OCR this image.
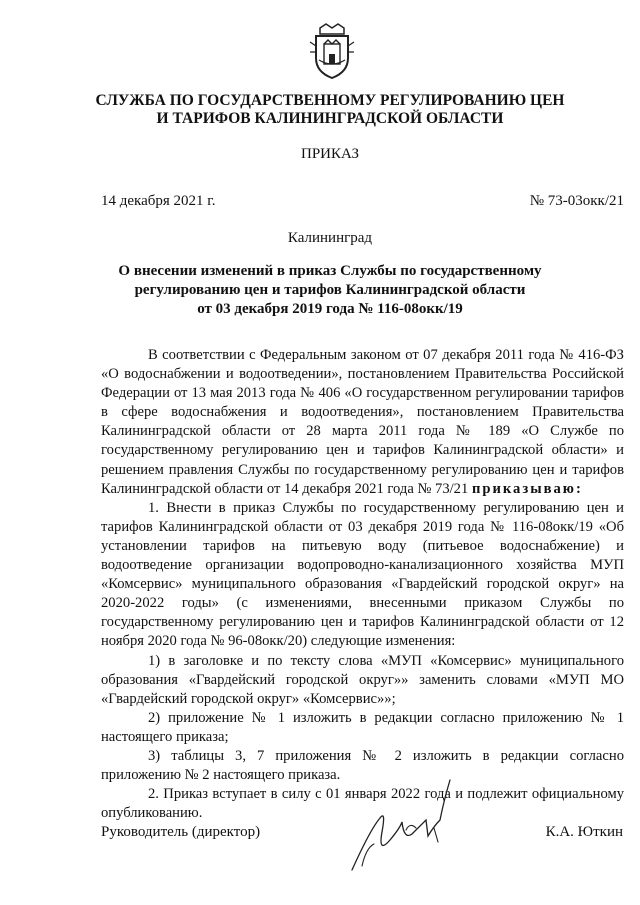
СЛУЖБА ПО ГОСУДАРСТВЕННОМУ РЕГУЛИРОВАНИЮ ЦЕН
И ТАРИФОВ КАЛИНИНГРАДСКОЙ ОБЛАСТИ
ПРИКАЗ
14 декабря 2021 г.	№ 73-03окк/21
Калининград
О внесении изменений в приказ Службы по государственному
регулированию цен и тарифов Калининградской области
от 03 декабря 2019 года № 116-08окк/19

В соответствии с Федеральным законом от 07 декабря 2011 года № 416-ФЗ «О водоснабжении и водоотведении», постановлением Правительства Российской Федерации от 13 мая 2013 года № 406 «О государственном регулировании тарифов в сфере водоснабжения и водоотведения», постановлением Правительства Калининградской области от 28 марта 2011 года № 189 «О Службе по государственному регулированию цен и тарифов Калининградской области» и решением правления Службы по государственному регулированию цен и тарифов Калининградской области от 14 декабря 2021 года № 73/21 приказываю:

1. Внести в приказ Службы по государственному регулированию цен и тарифов Калининградской области от 03 декабря 2019 года № 116-08окк/19 «Об установлении тарифов на питьевую воду (питьевое водоснабжение) и водоотведение организации водопроводно-канализационного хозяйства МУП «Комсервис» муниципального образования «Гвардейский городской округ» на 2020-2022 годы» (с изменениями, внесенными приказом Службы по государственному регулированию цен и тарифов Калининградской области от 12 ноября 2020 года № 96-08окк/20) следующие изменения:

1) в заголовке и по тексту слова «МУП «Комсервис» муниципального образования «Гвардейский городской округ»» заменить словами «МУП МО «Гвардейский городской округ» «Комсервис»»;

2) приложение № 1 изложить в редакции согласно приложению № 1 настоящего приказа;

3) таблицы 3, 7 приложения № 2 изложить в редакции согласно приложению № 2 настоящего приказа.

2. Приказ вступает в силу с 01 января 2022 года и подлежит официальному опубликованию.

Руководитель (директор)	К.А. Юткин
